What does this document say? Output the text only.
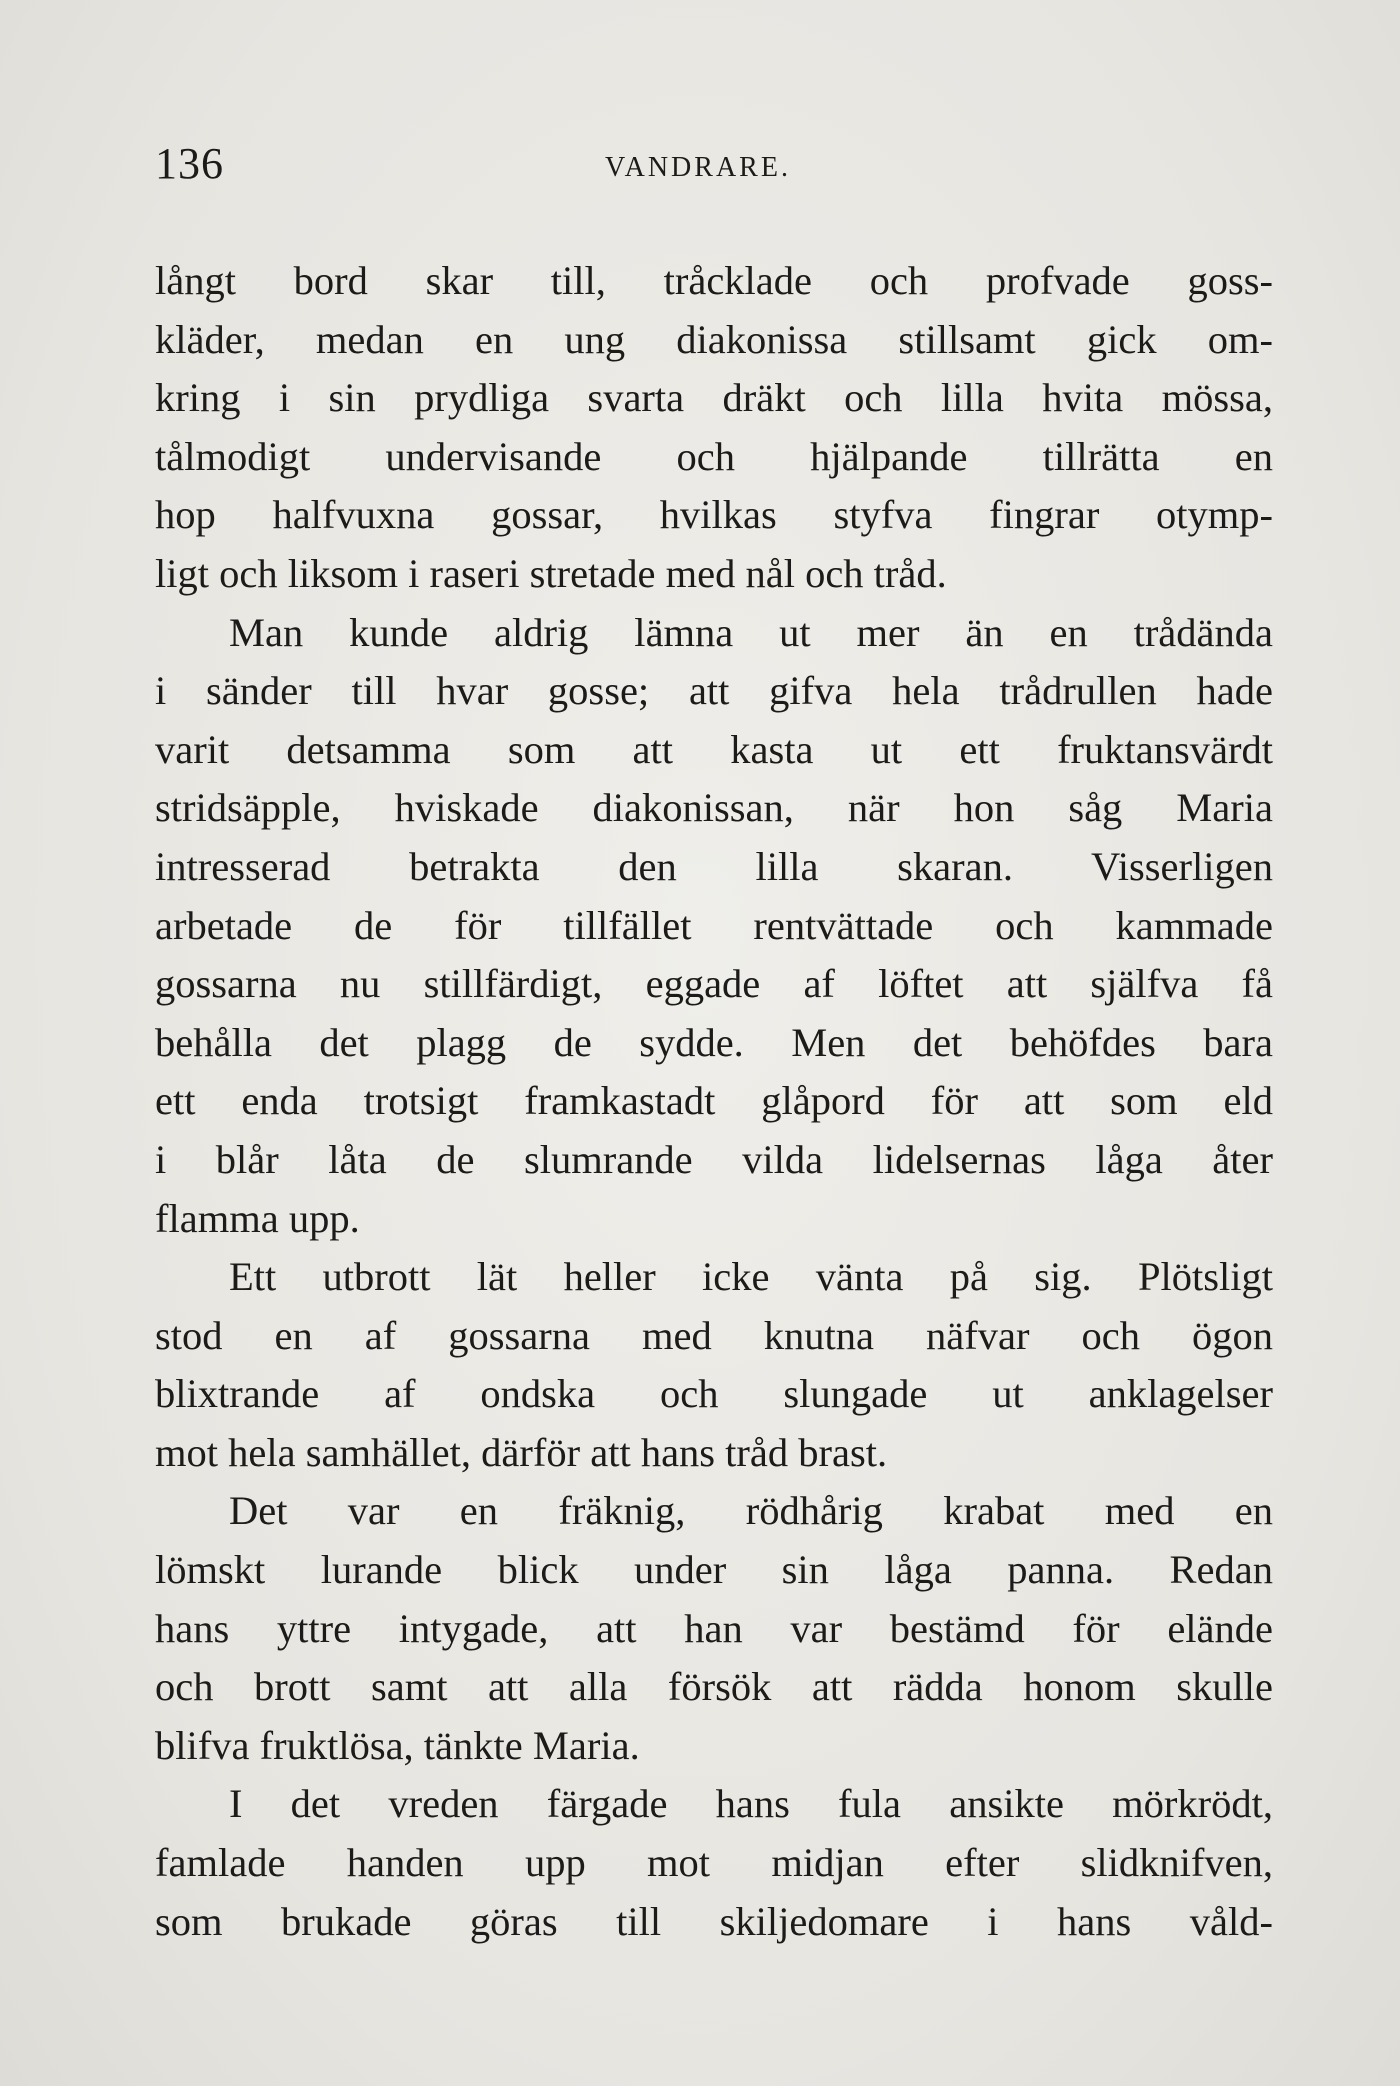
136	VANDRARE.
långt bord skar till, tråcklade och profvade goss-
kläder, medan en ung diakonissa stillsamt gick om-
kring i sin prydliga svarta dräkt och lilla hvita mössa,
tålmodigt undervisande och hjälpande tillrätta en
hop halfvuxna gossar, hvilkas styfva fingrar otymp-
ligt och liksom i raseri stretade med nål och tråd.
Man kunde aldrig lämna ut mer än en trådända
i sänder till hvar gosse; att gifva hela trådrullen hade
varit detsamma som att kasta ut ett fruktansvärdt
stridsäpple, hviskade diakonissan, när hon såg Maria
intresserad betrakta den lilla skaran. Visserligen
arbetade de för tillfället rentvättade och kammade
gossarna nu stillfärdigt, eggade af löftet att själfva få
behålla det plagg de sydde. Men det behöfdes bara
ett enda trotsigt framkastadt glåpord för att som eld
i blår låta de slumrande vilda lidelsernas låga åter
flamma upp.
Ett utbrott lät heller icke vänta på sig. Plötsligt
stod en af gossarna med knutna näfvar och ögon
blixtrande af ondska och slungade ut anklagelser
mot hela samhället, därför att hans tråd brast.
Det var en fräknig, rödhårig krabat med en
lömskt lurande blick under sin låga panna. Redan
hans yttre intygade, att han var bestämd för elände
och brott samt att alla försök att rädda honom skulle
blifva fruktlösa, tänkte Maria.
I det vreden färgade hans fula ansikte mörkrödt,
famlade handen upp mot midjan efter slidknifven,
som brukade göras till skiljedomare i hans våld-
